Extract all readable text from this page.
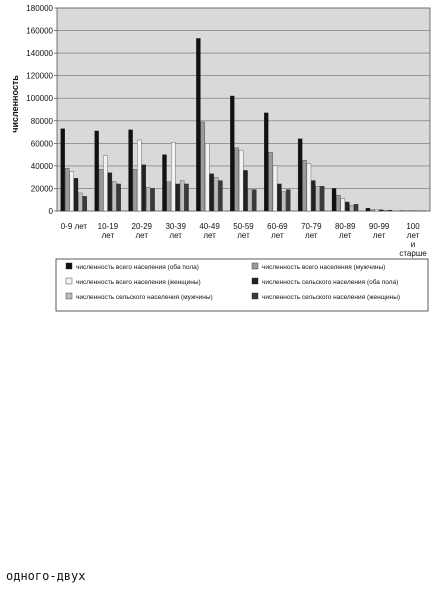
0
20000
40000
60000
80000
100000
120000
140000
160000
180000
0-9 лет 10-19 лет
20-29 лет
30-39 лет
40-49 лет
50-59 лет
60-69 лет
70-79 лет
80-89 лет
90-99 лет
100 лет и старше
численность
численность всего населения (оба пола)	численность всего населения (мужчины)
численность всего населения (женщины)	численность сельского населения (оба пола)
численность сельского населения (мужчины)	численность сельского населения (женщины)
одного-двух
